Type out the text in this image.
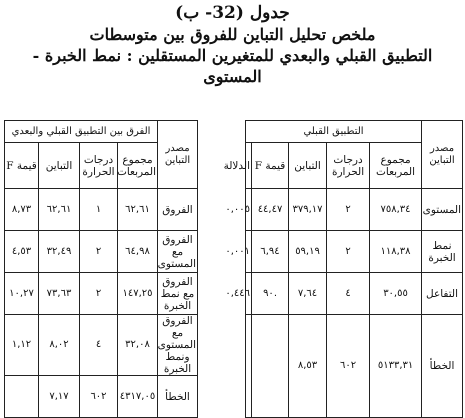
جدول (32- ب)
ملخص تحليل التباين للفروق بين متوسطات
التطبيق القبلي والبعدي للمتغيرين المستقلين : نمط الخبرة -
المستوى
مصدر التباين	التطبيق القبلي						مصدر التباين	الفرق بين التطبيق القبلي والبعدي				
	مجموع المربعات	درجات الحرارة	التباين	قيمة F	الدلالة			مجموع المربعات	درجات الحرارة	التباين	قيمة F	
المستوى	٧٥٨,٣٤	٢	٣٧٩,١٧	٤٤,٤٧	٠,٠٠٥		الفروق	٦٢,٦١	١	٦٢,٦١	٨,٧٣	
نمط الخبرة	١١٨,٣٨	٢	٥٩,١٩	٦,٩٤	٠,٠٠١		الفروق مع المستوى	٦٤,٩٨	٢	٣٢,٤٩	٤,٥٣	
التفاعل	٣٠,٥٥	٤	٧,٦٤	.٩٠	٠,٤٤٦		الفروق مع نمط الخبرة	١٤٧,٢٥	٢	٧٣,٦٣	١٠,٢٧	
الخطأ	٥١٣٣,٣١	٦٠٢	٨,٥٣				الفروق مع المستوى ونمط الخبرة	٣٢,٠٨	٤	٨,٠٢	١,١٢	
							الخطأ	٤٣١٧,٠٥	٦٠٢	٧,١٧		
